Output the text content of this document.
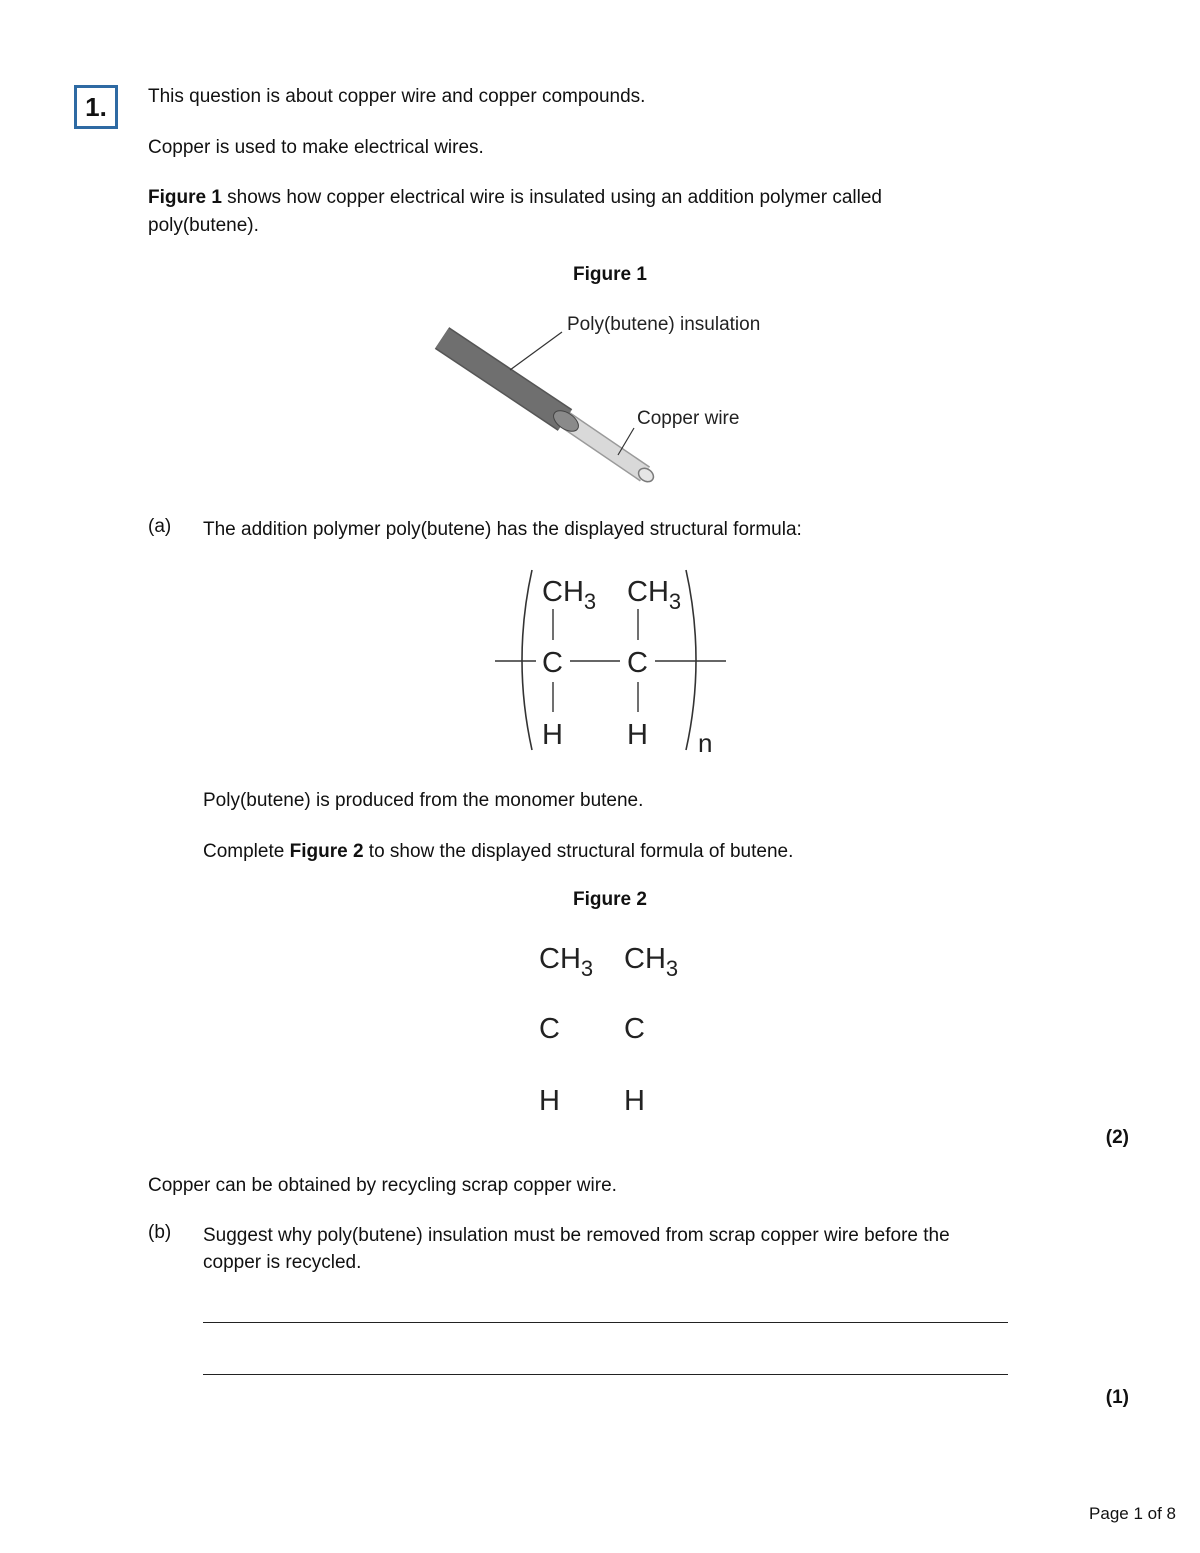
1.	This question is about copper wire and copper compounds.
Copper is used to make electrical wires.
Figure 1 shows how copper electrical wire is insulated using an addition polymer called
poly(butene).
Figure 1
Poly(butene) insulation
Copper wire
(a) The addition polymer poly(butene) has the displayed structural formula:
$CH_3$ $CH_3$
C C
H H n
Poly(butene) is produced from the monomer butene.
Complete Figure 2 to show the displayed structural formula of butene.
Figure 2
$CH_3$ $CH_3$
C C
H H
(2)
Copper can be obtained by recycling scrap copper wire.
(b) Suggest why poly(butene) insulation must be removed from scrap copper wire before the
copper is recycled.
(1)
Page 1 of 8
